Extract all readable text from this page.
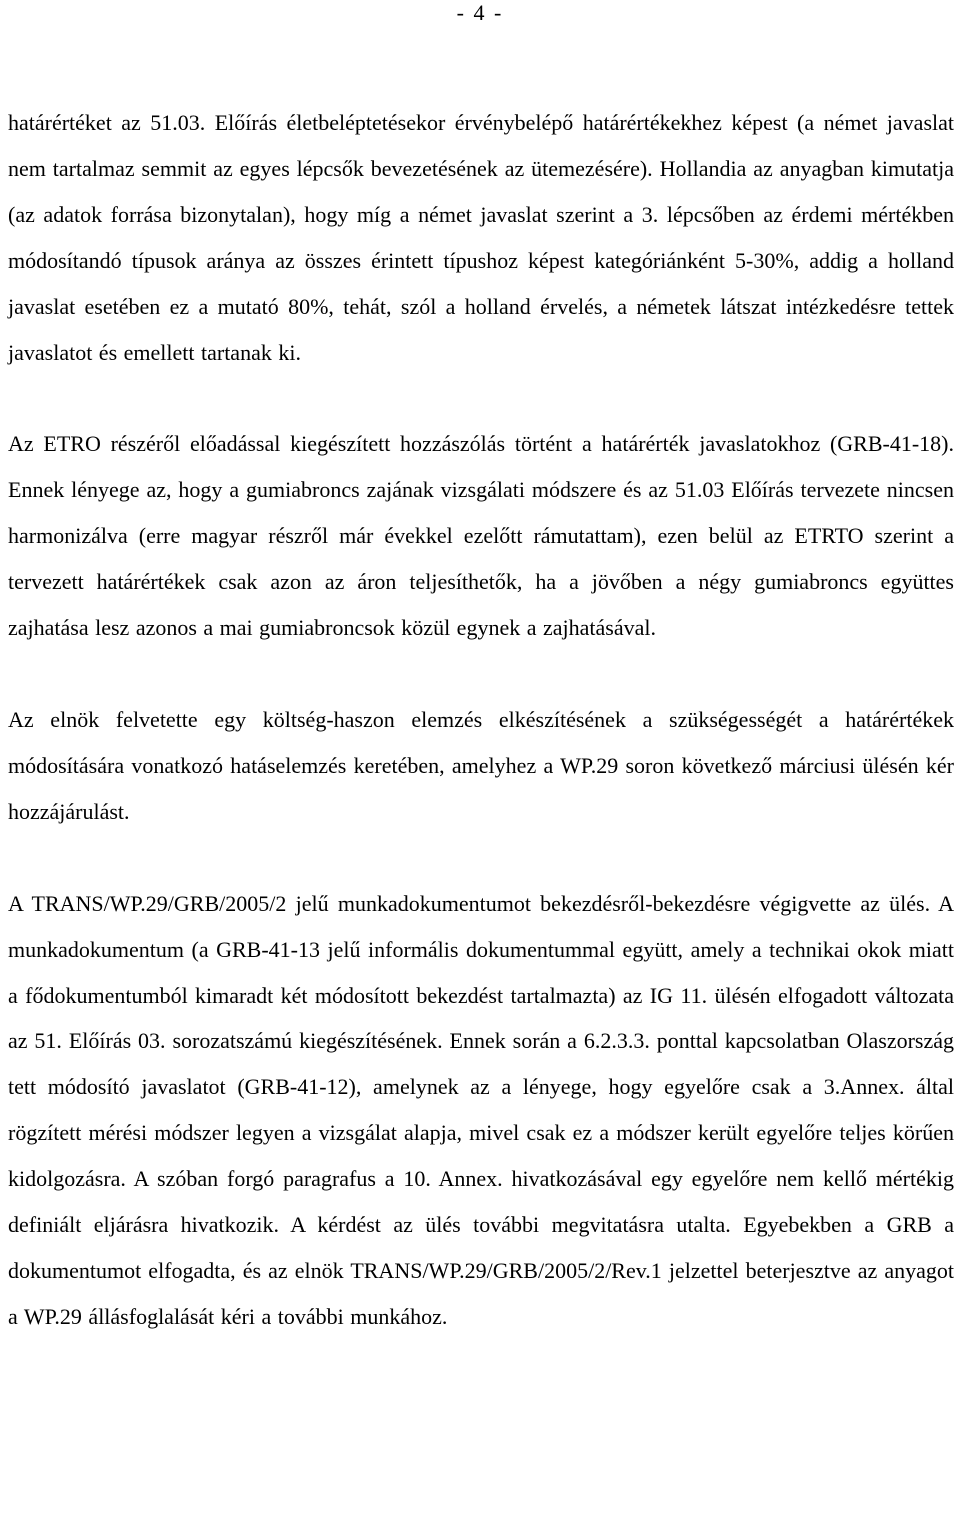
- 4 -

határértéket az 51.03. Előírás életbeléptetésekor érvénybelépő határértékekhez képest (a német javaslat nem tartalmaz semmit az egyes lépcsők bevezetésének az ütemezésére). Hollandia az anyagban kimutatja (az adatok forrása bizonytalan), hogy míg a német javaslat szerint a 3. lépcsőben az érdemi mértékben módosítandó típusok aránya az összes érintett típushoz képest kategóriánként 5-30%, addig a holland javaslat esetében ez a mutató 80%, tehát, szól a holland érvelés, a németek látszat intézkedésre tettek javaslatot és emellett tartanak ki.

Az ETRO részéről előadással kiegészített hozzászólás történt a határérték javaslatokhoz (GRB-41-18). Ennek lényege az, hogy a gumiabroncs zajának vizsgálati módszere és az 51.03 Előírás tervezete nincsen harmonizálva (erre magyar részről már évekkel ezelőtt rámutattam), ezen belül az ETRTO szerint a tervezett határértékek csak azon az áron teljesíthetők, ha a jövőben a négy gumiabroncs együttes zajhatása lesz azonos a mai gumiabroncsok közül egynek a zajhatásával.

Az elnök felvetette egy költség-haszon elemzés elkészítésének a szükségességét a határértékek módosítására vonatkozó hatáselemzés keretében, amelyhez a WP.29 soron következő márciusi ülésén kér hozzájárulást.

A TRANS/WP.29/GRB/2005/2 jelű munkadokumentumot bekezdésről-bekezdésre végigvette az ülés. A munkadokumentum (a GRB-41-13 jelű informális dokumentummal együtt, amely a technikai okok miatt a fődokumentumból kimaradt két módosított bekezdést tartalmazta) az IG 11. ülésén elfogadott változata az 51. Előírás 03. sorozatszámú kiegészítésének. Ennek során a 6.2.3.3. ponttal kapcsolatban Olaszország tett módosító javaslatot (GRB-41-12), amelynek az a lényege, hogy egyelőre csak a 3.Annex. által rögzített mérési módszer legyen a vizsgálat alapja, mivel csak ez a módszer került egyelőre teljes körűen kidolgozásra. A szóban forgó paragrafus a 10. Annex. hivatkozásával egy egyelőre nem kellő mértékig definiált eljárásra hivatkozik. A kérdést az ülés további megvitatásra utalta. Egyebekben a GRB a dokumentumot elfogadta, és az elnök TRANS/WP.29/GRB/2005/2/Rev.1 jelzettel beterjesztve az anyagot a WP.29 állásfoglalását kéri a további munkához.
